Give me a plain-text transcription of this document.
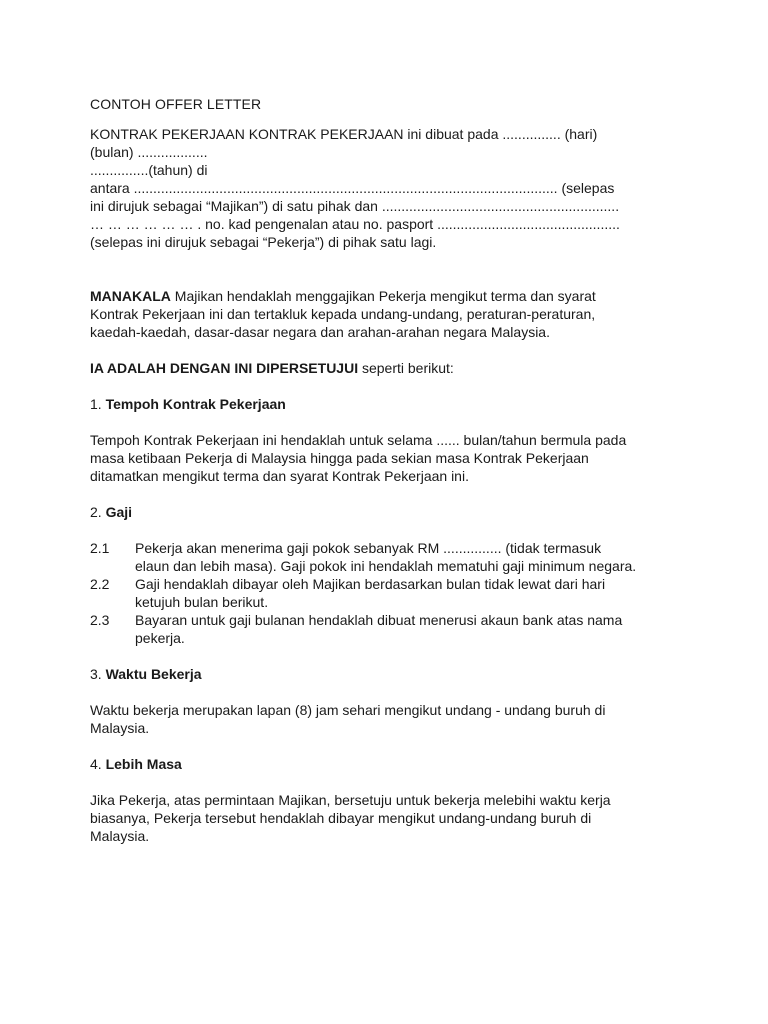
CONTOH OFFER LETTER
KONTRAK PEKERJAAN KONTRAK PEKERJAAN ini dibuat pada ............... (hari)
(bulan) ..................
...............(tahun) di
antara ............................................................................................................. (selepas
ini dirujuk sebagai “Majikan”) di satu pihak dan .............................................................
… … … … … … . no. kad pengenalan atau no. pasport ...............................................
(selepas ini dirujuk sebagai “Pekerja”) di pihak satu lagi.
MANAKALA Majikan hendaklah menggajikan Pekerja mengikut terma dan syarat
Kontrak Pekerjaan ini dan tertakluk kepada undang-undang, peraturan-peraturan,
kaedah-kaedah, dasar-dasar negara dan arahan-arahan negara Malaysia.
IA ADALAH DENGAN INI DIPERSETUJUI seperti berikut:
1. Tempoh Kontrak Pekerjaan
Tempoh Kontrak Pekerjaan ini hendaklah untuk selama ...... bulan/tahun bermula pada
masa ketibaan Pekerja di Malaysia hingga pada sekian masa Kontrak Pekerjaan
ditamatkan mengikut terma dan syarat Kontrak Pekerjaan ini.
2. Gaji
2.1	Pekerja akan menerima gaji pokok sebanyak RM ............... (tidak termasuk
elaun dan lebih masa). Gaji pokok ini hendaklah mematuhi gaji minimum negara.
2.2	Gaji hendaklah dibayar oleh Majikan berdasarkan bulan tidak lewat dari hari
ketujuh bulan berikut.
2.3	Bayaran untuk gaji bulanan hendaklah dibuat menerusi akaun bank atas nama
pekerja.
3. Waktu Bekerja
Waktu bekerja merupakan lapan (8) jam sehari mengikut undang - undang buruh di
Malaysia.
4. Lebih Masa
Jika Pekerja, atas permintaan Majikan, bersetuju untuk bekerja melebihi waktu kerja
biasanya, Pekerja tersebut hendaklah dibayar mengikut undang-undang buruh di
Malaysia.
